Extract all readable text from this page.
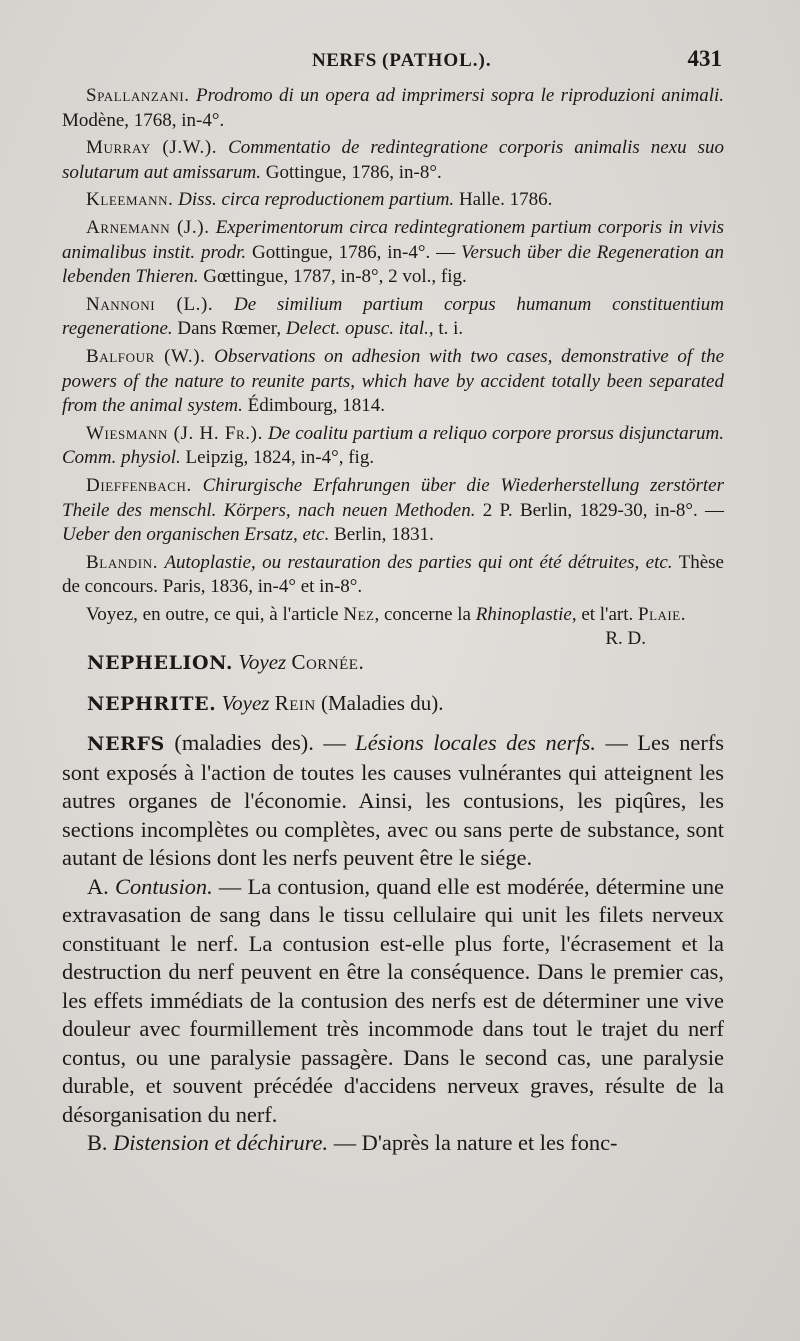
NERFS (PATHOL.).	431

Spallanzani. Prodromo di un opera ad imprimersi sopra le riproduzioni animali. Modène, 1768, in-4°.

Murray (J.W.). Commentatio de redintegratione corporis animalis nexu suo solutarum aut amissarum. Gottingue, 1786, in-8°.

Kleemann. Diss. circa reproductionem partium. Halle. 1786.

Arnemann (J.). Experimentorum circa redintegrationem partium corporis in vivis animalibus instit. prodr. Gottingue, 1786, in-4°. — Versuch über die Regeneration an lebenden Thieren. Gœttingue, 1787, in-8°, 2 vol., fig.

Nannoni (L.). De similium partium corpus humanum constituentium regeneratione. Dans Rœmer, Delect. opusc. ital., t. i.

Balfour (W.). Observations on adhesion with two cases, demonstrative of the powers of the nature to reunite parts, which have by accident totally been separated from the animal system. Édimbourg, 1814.

Wiesmann (J. H. Fr.). De coalitu partium a reliquo corpore prorsus disjunctarum. Comm. physiol. Leipzig, 1824, in-4°, fig.

Dieffenbach. Chirurgische Erfahrungen über die Wiederherstellung zerstörter Theile des menschl. Körpers, nach neuen Methoden. 2 P. Berlin, 1829-30, in-8°. — Ueber den organischen Ersatz, etc. Berlin, 1831.

Blandin. Autoplastie, ou restauration des parties qui ont été détruites, etc. Thèse de concours. Paris, 1836, in-4° et in-8°.

Voyez, en outre, ce qui, à l'article Nez, concerne la Rhinoplastie, et l'art. Plaie.
R. D.

NEPHELION. Voyez Cornée.

NEPHRITE. Voyez Rein (Maladies du).

NERFS (maladies des). — Lésions locales des nerfs. — Les nerfs sont exposés à l'action de toutes les causes vulnérantes qui atteignent les autres organes de l'économie. Ainsi, les contusions, les piqûres, les sections incomplètes ou complètes, avec ou sans perte de substance, sont autant de lésions dont les nerfs peuvent être le siége.

A. Contusion. — La contusion, quand elle est modérée, détermine une extravasation de sang dans le tissu cellulaire qui unit les filets nerveux constituant le nerf. La contusion est-elle plus forte, l'écrasement et la destruction du nerf peuvent en être la conséquence. Dans le premier cas, les effets immédiats de la contusion des nerfs est de déterminer une vive douleur avec fourmillement très incommode dans tout le trajet du nerf contus, ou une paralysie passagère. Dans le second cas, une paralysie durable, et souvent précédée d'accidens nerveux graves, résulte de la désorganisation du nerf.

B. Distension et déchirure. — D'après la nature et les fonc-
